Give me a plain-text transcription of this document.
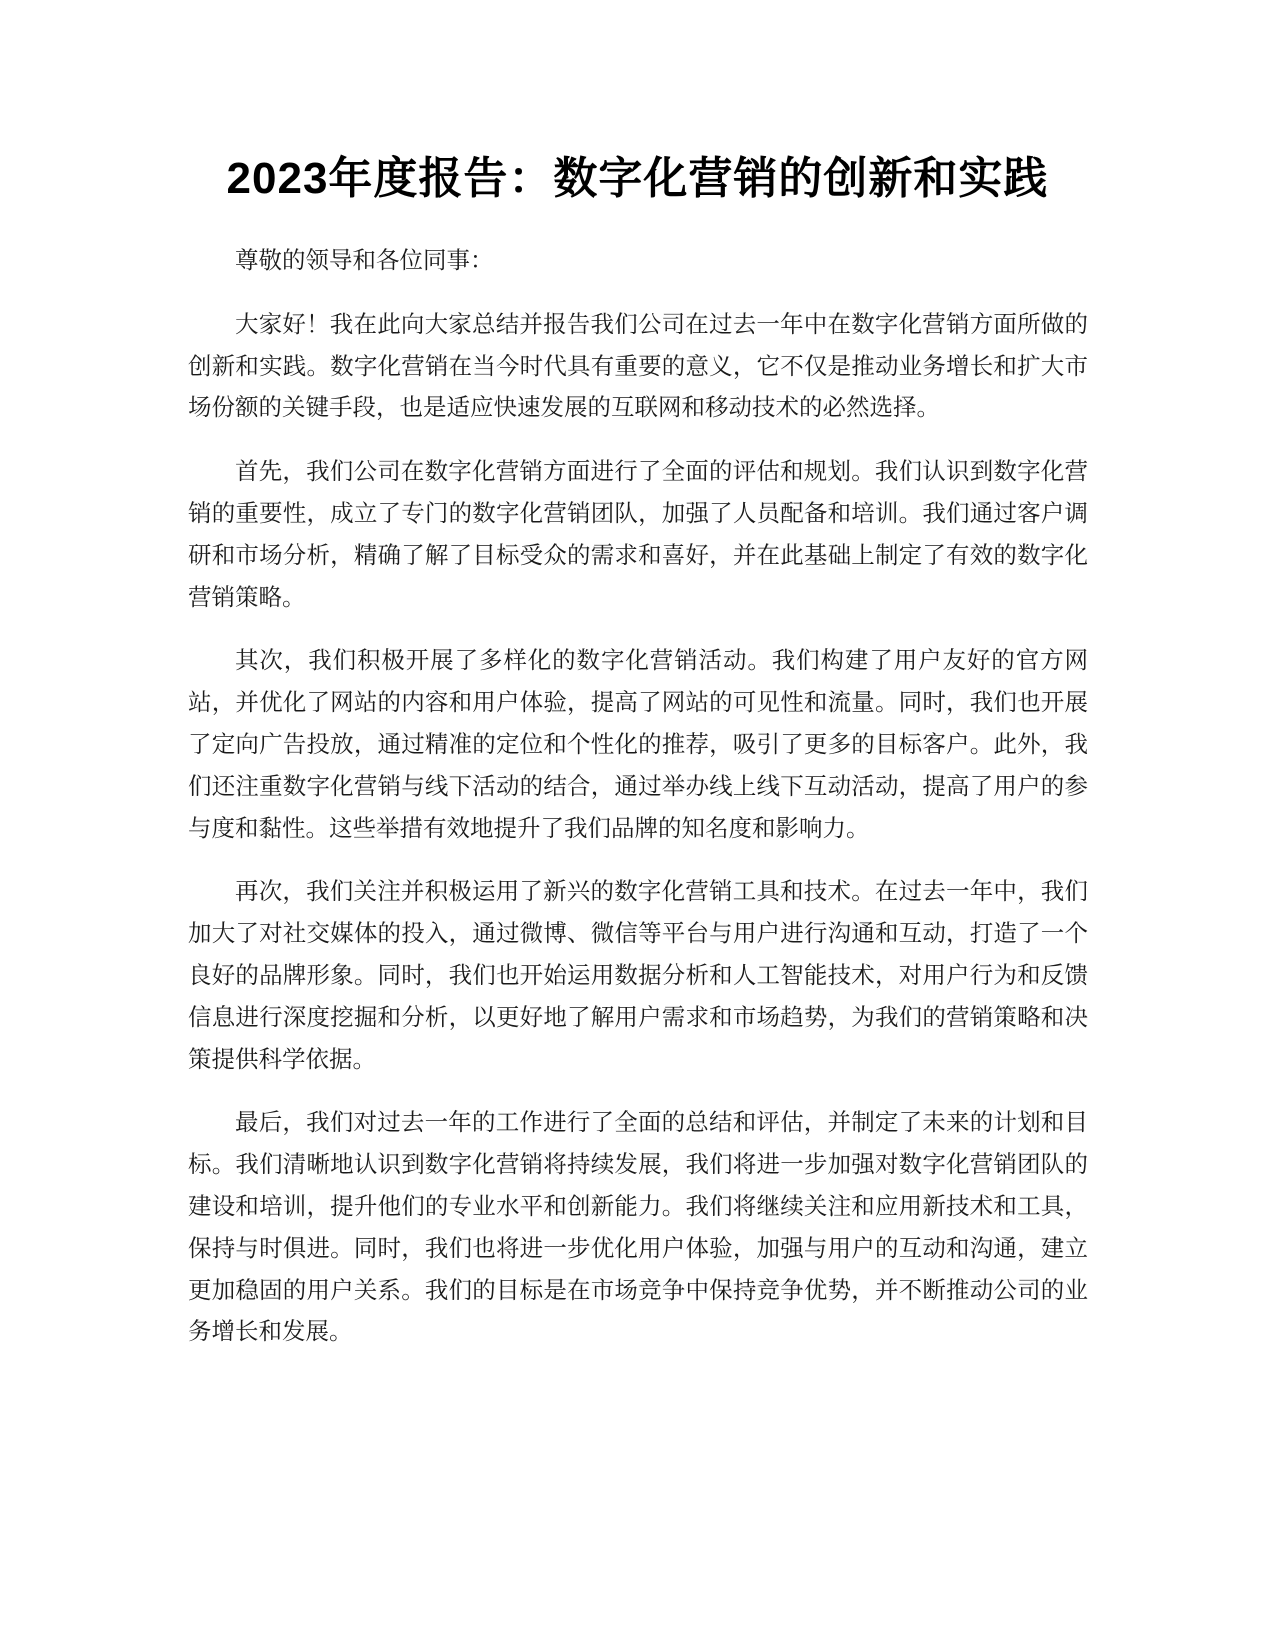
2023年度报告：数字化营销的创新和实践

尊敬的领导和各位同事：

大家好！我在此向大家总结并报告我们公司在过去一年中在数字化营销方面所做的创新和实践。数字化营销在当今时代具有重要的意义，它不仅是推动业务增长和扩大市场份额的关键手段，也是适应快速发展的互联网和移动技术的必然选择。

首先，我们公司在数字化营销方面进行了全面的评估和规划。我们认识到数字化营销的重要性，成立了专门的数字化营销团队，加强了人员配备和培训。我们通过客户调研和市场分析，精确了解了目标受众的需求和喜好，并在此基础上制定了有效的数字化营销策略。

其次，我们积极开展了多样化的数字化营销活动。我们构建了用户友好的官方网站，并优化了网站的内容和用户体验，提高了网站的可见性和流量。同时，我们也开展了定向广告投放，通过精准的定位和个性化的推荐，吸引了更多的目标客户。此外，我们还注重数字化营销与线下活动的结合，通过举办线上线下互动活动，提高了用户的参与度和黏性。这些举措有效地提升了我们品牌的知名度和影响力。

再次，我们关注并积极运用了新兴的数字化营销工具和技术。在过去一年中，我们加大了对社交媒体的投入，通过微博、微信等平台与用户进行沟通和互动，打造了一个良好的品牌形象。同时，我们也开始运用数据分析和人工智能技术，对用户行为和反馈信息进行深度挖掘和分析，以更好地了解用户需求和市场趋势，为我们的营销策略和决策提供科学依据。

最后，我们对过去一年的工作进行了全面的总结和评估，并制定了未来的计划和目标。我们清晰地认识到数字化营销将持续发展，我们将进一步加强对数字化营销团队的建设和培训，提升他们的专业水平和创新能力。我们将继续关注和应用新技术和工具，保持与时俱进。同时，我们也将进一步优化用户体验，加强与用户的互动和沟通，建立更加稳固的用户关系。我们的目标是在市场竞争中保持竞争优势，并不断推动公司的业务增长和发展。
